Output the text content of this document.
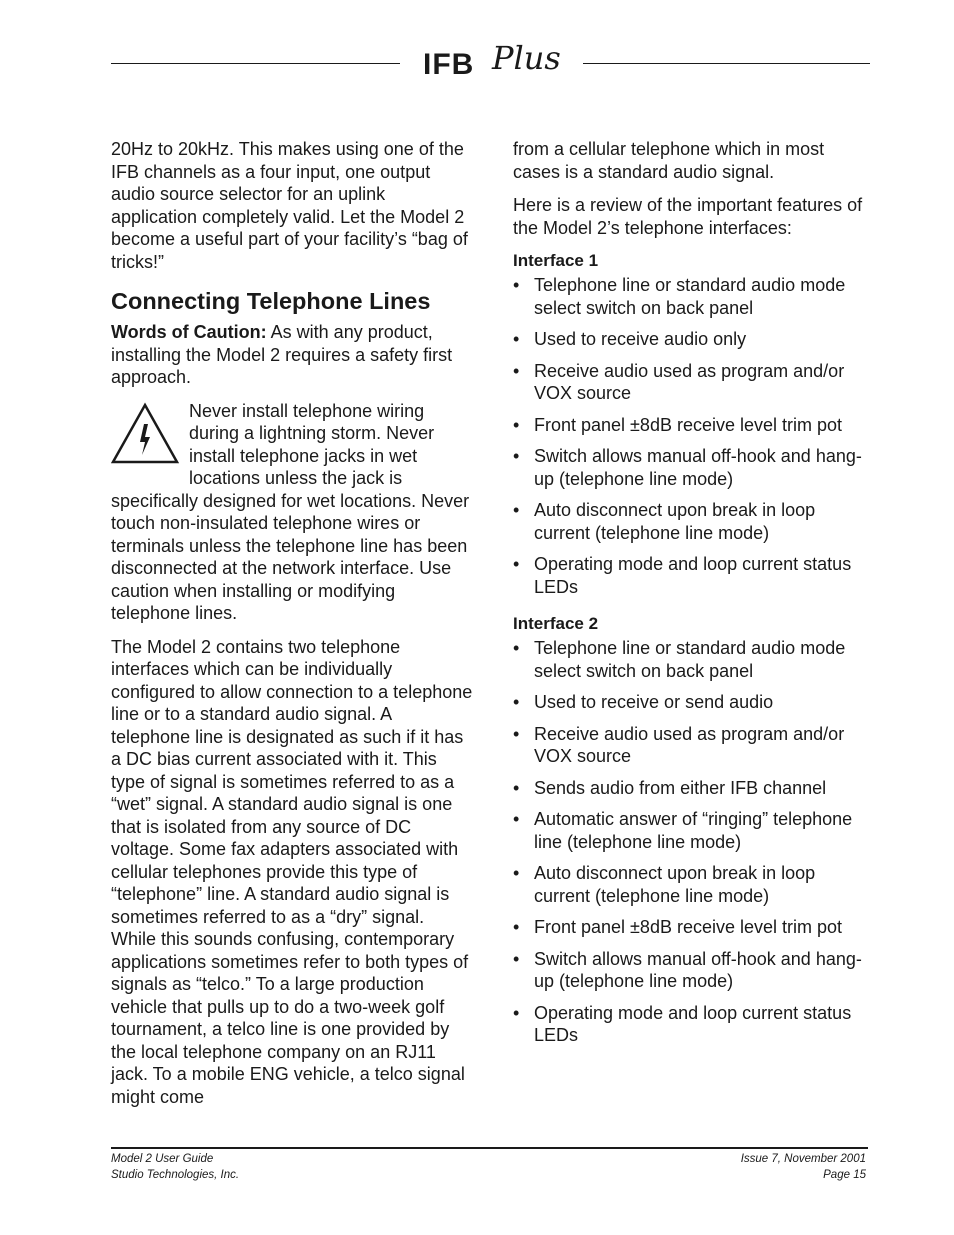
IFB Plus

20Hz to 20kHz. This makes using one of the IFB channels as a four input, one output audio source selector for an uplink application completely valid. Let the Model 2 become a useful part of your facility’s “bag of tricks!”

Connecting Telephone Lines

Words of Caution: As with any product, installing the Model 2 requires a safety first approach.

Never install telephone wiring during a lightning storm. Never install telephone jacks in wet locations unless the jack is specifically designed for wet locations. Never touch non-insulated telephone wires or terminals unless the telephone line has been disconnected at the network interface. Use caution when installing or modifying telephone lines.

The Model 2 contains two telephone interfaces which can be individually configured to allow connection to a telephone line or to a standard audio signal. A telephone line is designated as such if it has a DC bias current associated with it. This type of signal is sometimes referred to as a “wet” signal. A standard audio signal is one that is isolated from any source of DC voltage. Some fax adapters associated with cellular telephones provide this type of “telephone” line. A standard audio signal is sometimes referred to as a “dry” signal. While this sounds confusing, contemporary applications sometimes refer to both types of signals as “telco.” To a large production vehicle that pulls up to do a two-week golf tournament, a telco line is one provided by the local telephone company on an RJ11 jack. To a mobile ENG vehicle, a telco signal might come

from a cellular telephone which in most cases is a standard audio signal.

Here is a review of the important features of the Model 2’s telephone interfaces:

Interface 1
• Telephone line or standard audio mode select switch on back panel
• Used to receive audio only
• Receive audio used as program and/or VOX source
• Front panel ±8dB receive level trim pot
• Switch allows manual off-hook and hang-up (telephone line mode)
• Auto disconnect upon break in loop current (telephone line mode)
• Operating mode and loop current status LEDs
Interface 2
• Telephone line or standard audio mode select switch on back panel
• Used to receive or send audio
• Receive audio used as program and/or VOX source
• Sends audio from either IFB channel
• Automatic answer of “ringing” telephone line (telephone line mode)
• Auto disconnect upon break in loop current (telephone line mode)
• Front panel ±8dB receive level trim pot
• Switch allows manual off-hook and hang-up (telephone line mode)
• Operating mode and loop current status LEDs
Model 2 User Guide
Studio Technologies, Inc.
Issue 7, November 2001
Page 15
